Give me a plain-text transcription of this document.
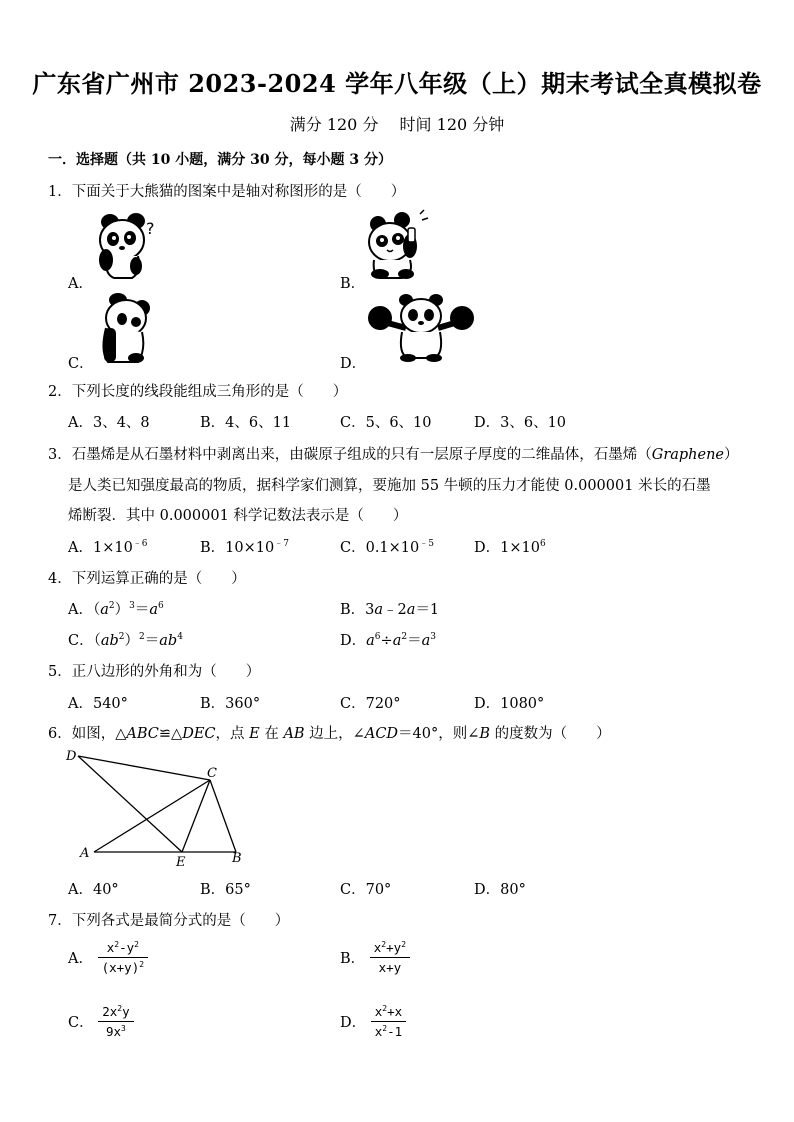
广东省广州市 2023-2024 学年八年级（上）期末考试全真模拟卷
满分 120 分 时间 120 分钟
一．选择题（共 10 小题，满分 30 分，每小题 3 分）
1．下面关于大熊猫的图案中是轴对称图形的是（　　）
?
A．	B．
C．	D．
2．下列长度的线段能组成三角形的是（　　）
A．3、4、8	B．4、6、11	C．5、6、10	D．3、6、10
3．石墨烯是从石墨材料中剥离出来，由碳原子组成的只有一层原子厚度的二维晶体，石墨烯（Graphene）
是人类已知强度最高的物质，据科学家们测算，要施加 55 牛顿的压力才能使 0.000001 米长的石墨
烯断裂．其中 0.000001 科学记数法表示是（　　）
A．$1\times 10^{﹣6}$	B．$10\times 10^{﹣7}$	C．$0.1\times 10^{﹣5}$	D．$1\times 10^6$
4．下列运算正确的是（　　）
A．$(a^2)^3=a^6$	B．3a﹣2a＝1
C．$(ab^2)^2=ab^4$	D．$a^6\div a^2=a^3$
5．正八边形的外角和为（　　）
A．540°	B．360°	C．720°	D．1080°
6．如图，△ABC≌△DEC，点 E 在 AB 边上，∠ACD＝40°，则∠B 的度数为（　　）
D
C
A
E	B
A．40°	B．65°	C．70°	D．80°
7．下列各式是最简分式的是（　　）
A． $\frac{x^2-y^2}{(x+y)^2}$	B． $\frac{x^2+y^2}{x+y}$
C． $\frac{2x^2y}{9x^3}$	D． $\frac{x^2+x}{x^2-1}$
